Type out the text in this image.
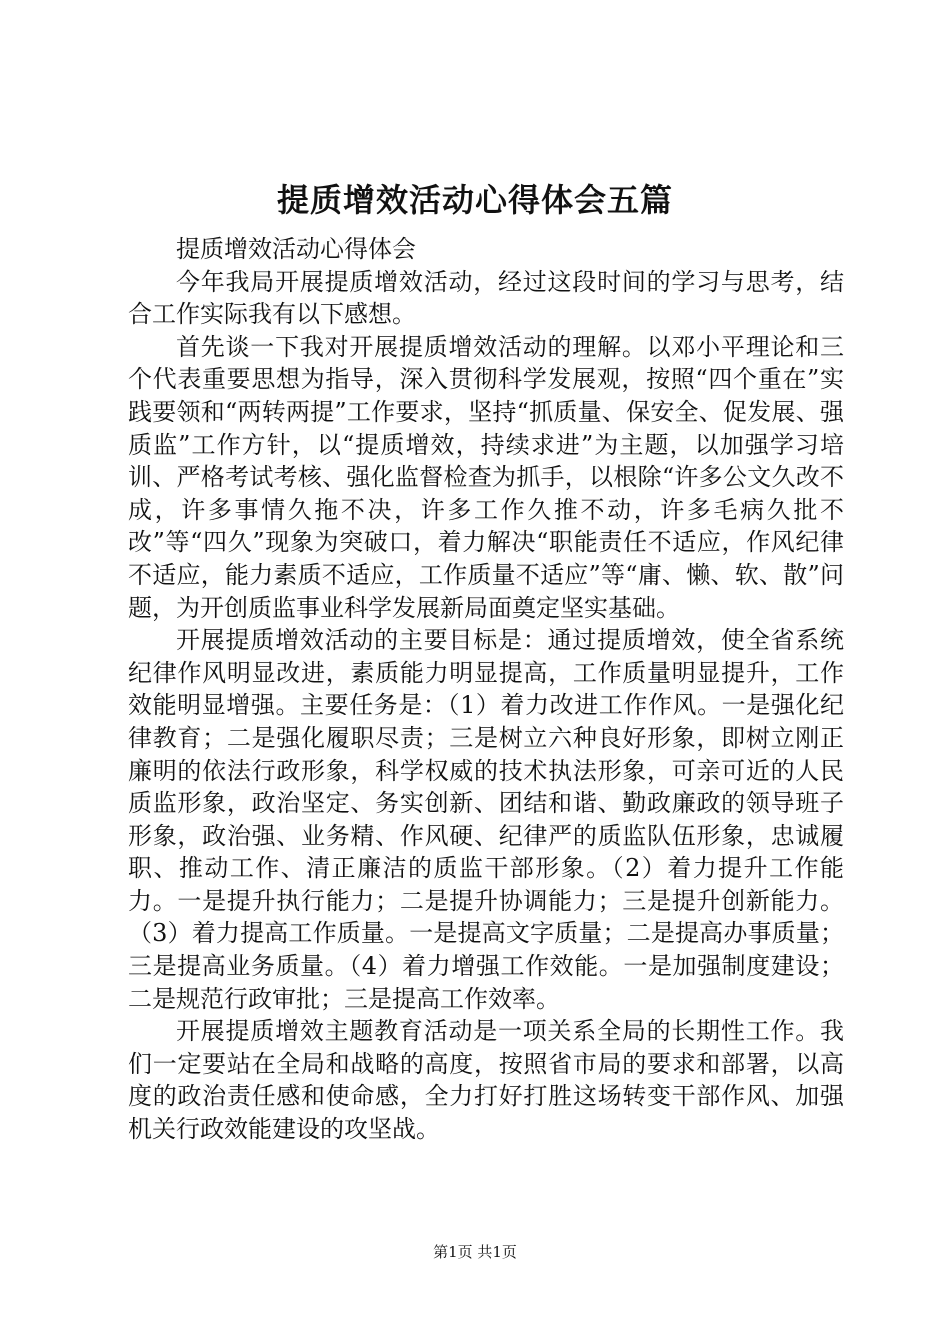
提质增效活动心得体会五篇

提质增效活动心得体会

今年我局开展提质增效活动，经过这段时间的学习与思考，结合工作实际我有以下感想。

首先谈一下我对开展提质增效活动的理解。以邓小平理论和三个代表重要思想为指导，深入贯彻科学发展观，按照“四个重在”实践要领和“两转两提”工作要求，坚持“抓质量、保安全、促发展、强质监”工作方针，以“提质增效，持续求进”为主题，以加强学习培训、严格考试考核、强化监督检查为抓手，以根除“许多公文久改不成，许多事情久拖不决，许多工作久推不动，许多毛病久批不改”等“四久”现象为突破口，着力解决“职能责任不适应，作风纪律不适应，能力素质不适应，工作质量不适应”等“庸、懒、软、散”问题，为开创质监事业科学发展新局面奠定坚实基础。

开展提质增效活动的主要目标是：通过提质增效，使全省系统纪律作风明显改进，素质能力明显提高，工作质量明显提升，工作效能明显增强。主要任务是：（1）着力改进工作作风。一是强化纪律教育；二是强化履职尽责；三是树立六种良好形象，即树立刚正廉明的依法行政形象，科学权威的技术执法形象，可亲可近的人民质监形象，政治坚定、务实创新、团结和谐、勤政廉政的领导班子形象，政治强、业务精、作风硬、纪律严的质监队伍形象，忠诚履职、推动工作、清正廉洁的质监干部形象。（2）着力提升工作能力。一是提升执行能力；二是提升协调能力；三是提升创新能力。（3）着力提高工作质量。一是提高文字质量；二是提高办事质量；三是提高业务质量。（4）着力增强工作效能。一是加强制度建设；二是规范行政审批；三是提高工作效率。

开展提质增效主题教育活动是一项关系全局的长期性工作。我们一定要站在全局和战略的高度，按照省市局的要求和部署，以高度的政治责任感和使命感，全力打好打胜这场转变干部作风、加强机关行政效能建设的攻坚战。

第1页 共1页
